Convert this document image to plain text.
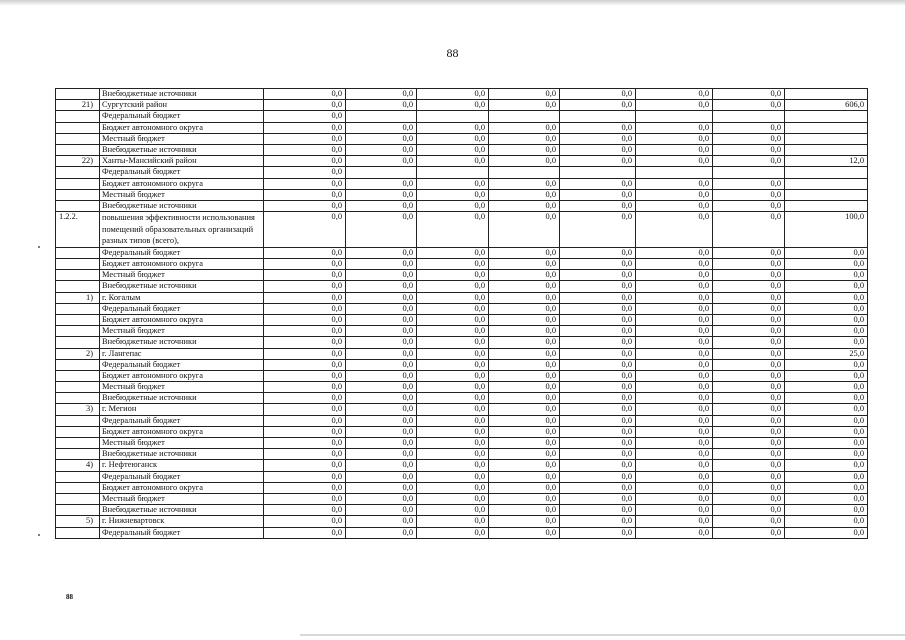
88
	Внебюджетные источники	0,0	0,0	0,0	0,0	0,0	0,0	0,0	
21)	Сургутский район	0,0	0,0	0,0	0,0	0,0	0,0	0,0	606,0
	Федеральный бюджет	0,0							
	Бюджет автономного округа	0,0	0,0	0,0	0,0	0,0	0,0	0,0	
	Местный бюджет	0,0	0,0	0,0	0,0	0,0	0,0	0,0	
	Внебюджетные источники	0,0	0,0	0,0	0,0	0,0	0,0	0,0	
22)	Ханты-Мансийский район	0,0	0,0	0,0	0,0	0,0	0,0	0,0	12,0
	Федеральный бюджет	0,0							
	Бюджет автономного округа	0,0	0,0	0,0	0,0	0,0	0,0	0,0	
	Местный бюджет	0,0	0,0	0,0	0,0	0,0	0,0	0,0	
	Внебюджетные источники	0,0	0,0	0,0	0,0	0,0	0,0	0,0	
1.2.2.	повышения эффективности использования помещений образовательных организаций разных типов (всего),	0,0	0,0	0,0	0,0	0,0	0,0	0,0	100,0
	Федеральный бюджет	0,0	0,0	0,0	0,0	0,0	0,0	0,0	0,0
	Бюджет автономного округа	0,0	0,0	0,0	0,0	0,0	0,0	0,0	0,0
	Местный бюджет	0,0	0,0	0,0	0,0	0,0	0,0	0,0	0,0
	Внебюджетные источники	0,0	0,0	0,0	0,0	0,0	0,0	0,0	0,0
1)	г. Когалым	0,0	0,0	0,0	0,0	0,0	0,0	0,0	0,0
	Федеральный бюджет	0,0	0,0	0,0	0,0	0,0	0,0	0,0	0,0
	Бюджет автономного округа	0,0	0,0	0,0	0,0	0,0	0,0	0,0	0,0
	Местный бюджет	0,0	0,0	0,0	0,0	0,0	0,0	0,0	0,0
	Внебюджетные источники	0,0	0,0	0,0	0,0	0,0	0,0	0,0	0,0
2)	г. Лангепас	0,0	0,0	0,0	0,0	0,0	0,0	0,0	25,0
	Федеральный бюджет	0,0	0,0	0,0	0,0	0,0	0,0	0,0	0,0
	Бюджет автономного округа	0,0	0,0	0,0	0,0	0,0	0,0	0,0	0,0
	Местный бюджет	0,0	0,0	0,0	0,0	0,0	0,0	0,0	0,0
	Внебюджетные источники	0,0	0,0	0,0	0,0	0,0	0,0	0,0	0,0
3)	г. Мегион	0,0	0,0	0,0	0,0	0,0	0,0	0,0	0,0
	Федеральный бюджет	0,0	0,0	0,0	0,0	0,0	0,0	0,0	0,0
	Бюджет автономного округа	0,0	0,0	0,0	0,0	0,0	0,0	0,0	0,0
	Местный бюджет	0,0	0,0	0,0	0,0	0,0	0,0	0,0	0,0
	Внебюджетные источники	0,0	0,0	0,0	0,0	0,0	0,0	0,0	0,0
4)	г. Нефтеюганск	0,0	0,0	0,0	0,0	0,0	0,0	0,0	0,0
	Федеральный бюджет	0,0	0,0	0,0	0,0	0,0	0,0	0,0	0,0
	Бюджет автономного округа	0,0	0,0	0,0	0,0	0,0	0,0	0,0	0,0
	Местный бюджет	0,0	0,0	0,0	0,0	0,0	0,0	0,0	0,0
	Внебюджетные источники	0,0	0,0	0,0	0,0	0,0	0,0	0,0	0,0
5)	г. Нижневартовск	0,0	0,0	0,0	0,0	0,0	0,0	0,0	0,0
	Федеральный бюджет	0,0	0,0	0,0	0,0	0,0	0,0	0,0	0,0
88
